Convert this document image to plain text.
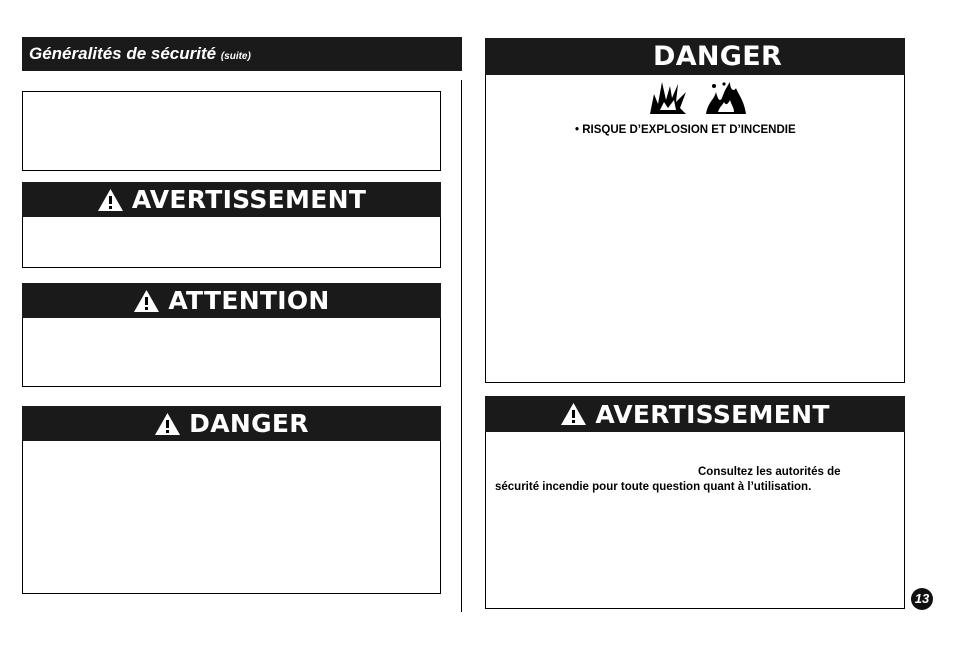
Généralités de sécurité (suite)
AVERTISSEMENT
ATTENTION
DANGER
DANGER
• RISQUE D’EXPLOSION ET D’INCENDIE
AVERTISSEMENT
Consultez les autorités de
sécurité incendie pour toute question quant à l’utilisation.
13
